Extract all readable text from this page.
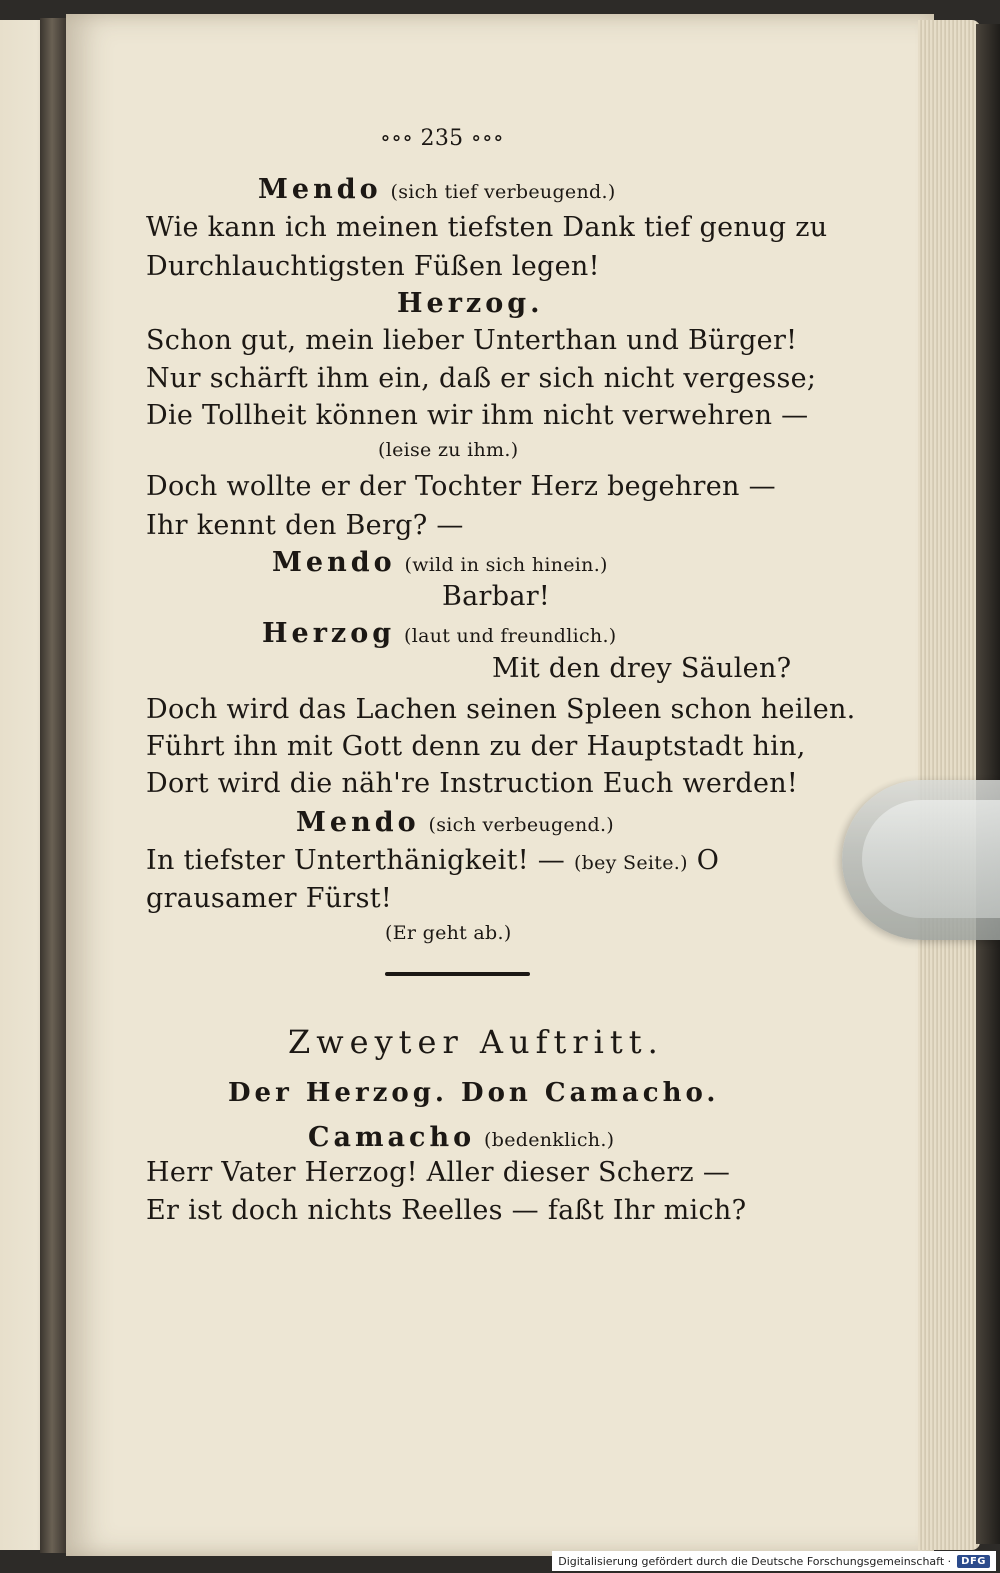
∘∘∘ 235 ∘∘∘
Mendo (sich tief verbeugend.)
Wie kann ich meinen tiefsten Dank tief genug zu
Durchlauchtigsten Füßen legen!
Herzog.
Schon gut, mein lieber Unterthan und Bürger!
Nur schärft ihm ein, daß er sich nicht vergesse;
Die Tollheit können wir ihm nicht verwehren —
(leise zu ihm.)
Doch wollte er der Tochter Herz begehren —
Ihr kennt den Berg? —
Mendo (wild in sich hinein.)
Barbar!
Herzog (laut und freundlich.)
Mit den drey Säulen?
Doch wird das Lachen seinen Spleen schon heilen.
Führt ihn mit Gott denn zu der Hauptstadt hin,
Dort wird die näh're Instruction Euch werden!
Mendo (sich verbeugend.)
In tiefster Unterthänigkeit! — (bey Seite.) O
grausamer Fürst!
(Er geht ab.)
Zweyter Auftritt.
Der Herzog. Don Camacho.
Camacho (bedenklich.)
Herr Vater Herzog! Aller dieser Scherz —
Er ist doch nichts Reelles — faßt Ihr mich?
Digitalisierung gefördert durch die Deutsche Forschungsgemeinschaft ·	DFG
